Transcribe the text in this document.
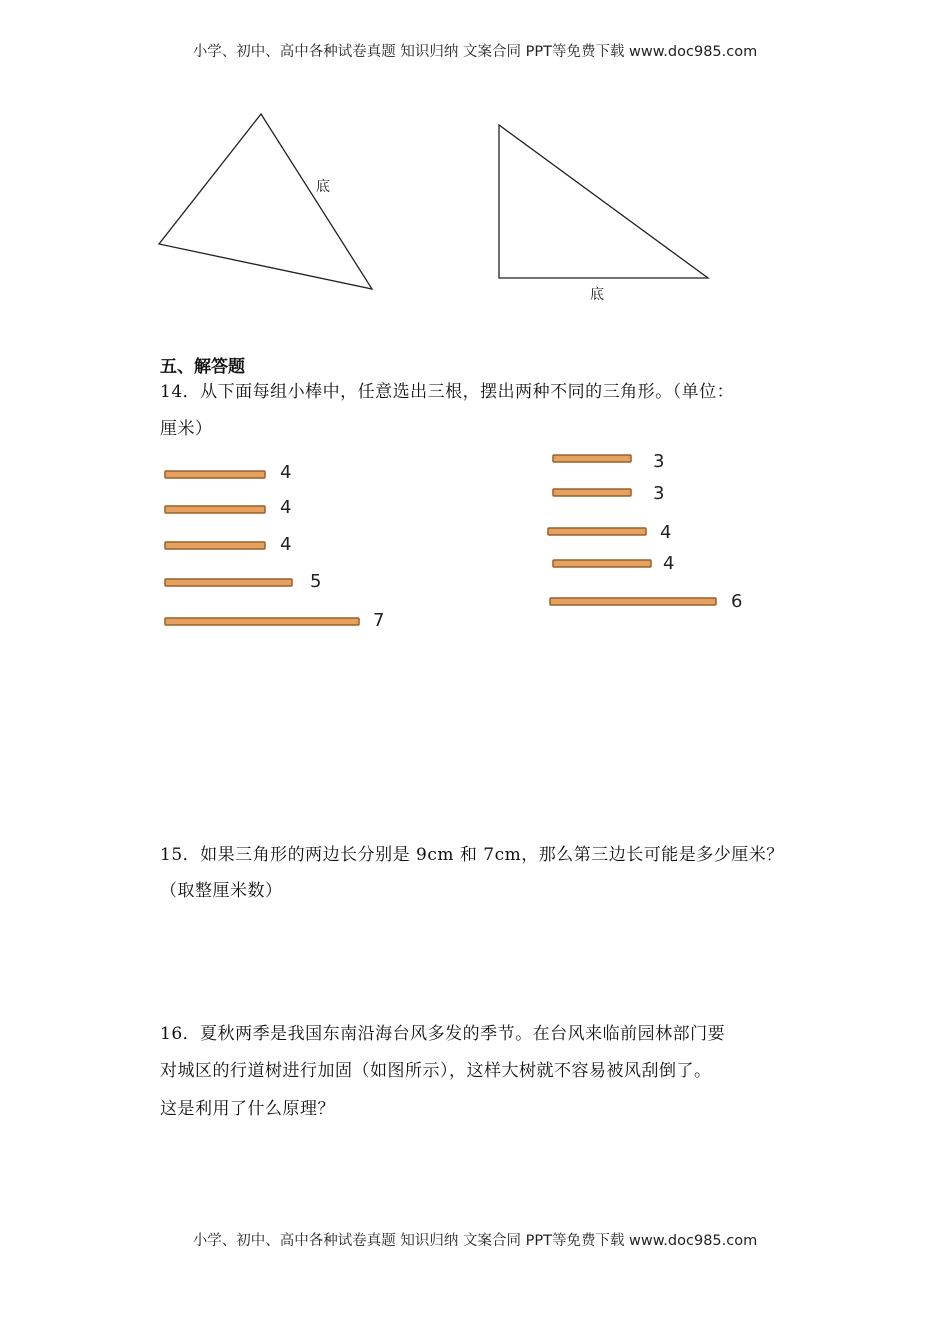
小学、初中、高中各种试卷真题 知识归纳 文案合同 PPT等免费下载 www.doc985.com
底
底
4
4
4
5
7
3
3
4
4
6
五、解答题
14．从下面每组小棒中，任意选出三根，摆出两种不同的三角形。（单位：
厘米）
15．如果三角形的两边长分别是 9cm 和 7cm，那么第三边长可能是多少厘米？
（取整厘米数）
16．夏秋两季是我国东南沿海台风多发的季节。在台风来临前园林部门要
对城区的行道树进行加固（如图所示），这样大树就不容易被风刮倒了。
这是利用了什么原理？
小学、初中、高中各种试卷真题 知识归纳 文案合同 PPT等免费下载 www.doc985.com
